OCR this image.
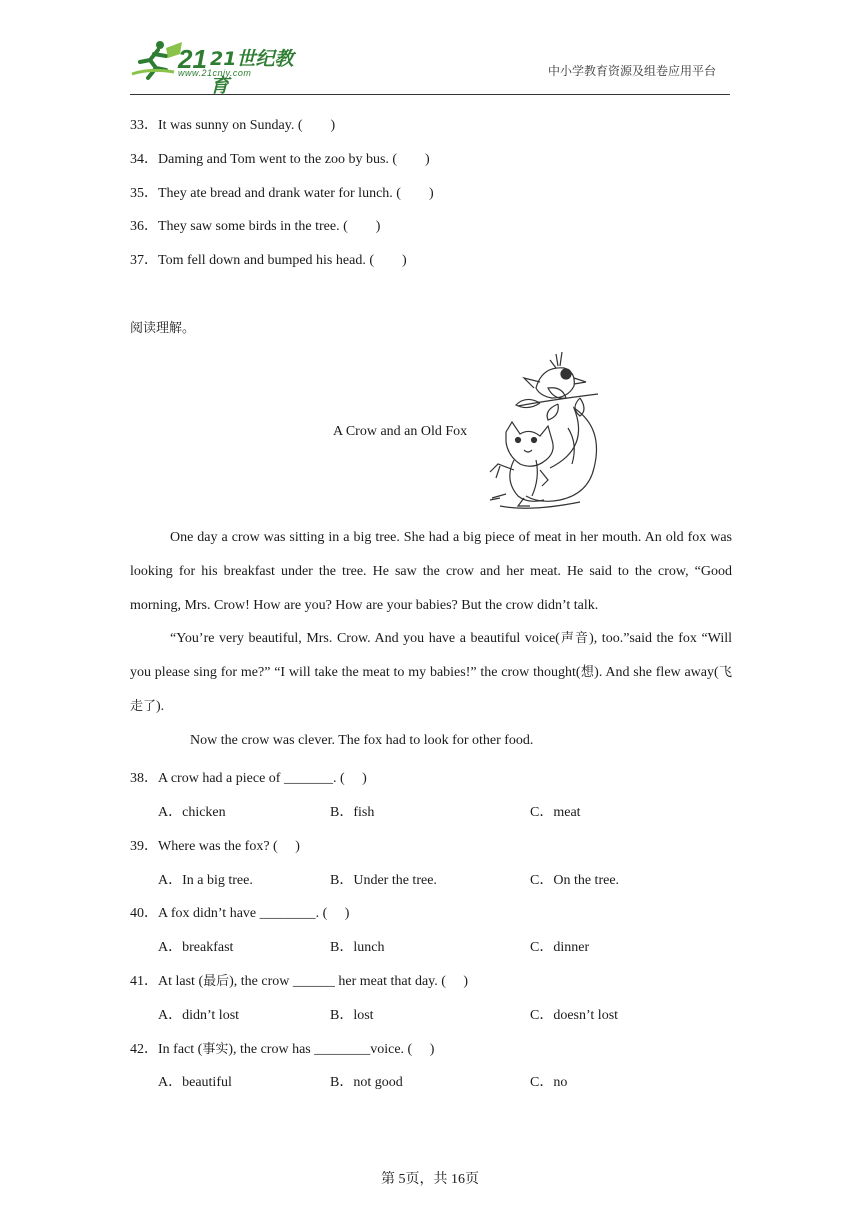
21 21世纪教育
www.21cnjy.com	中小学教育资源及组卷应用平台
33．It was sunny on Sunday. (  )
34．Daming and Tom went to the zoo by bus. (  )
35．They ate bread and drank water for lunch. (  )
36．They saw some birds in the tree. (  )
37．Tom fell down and bumped his head. (  )
阅读理解。
A Crow and an Old Fox
One day a crow was sitting in a big tree. She had a big piece of meat in her mouth. An old fox was looking for his breakfast under the tree. He saw the crow and her meat. He said to the crow, “Good morning, Mrs. Crow! How are you? How are your babies? But the crow didn’t talk.
“You’re very beautiful, Mrs. Crow. And you have a beautiful voice(声音), too.”said the fox “Will you please sing for me?” “I will take the meat to my babies!” the crow thought(想). And she flew away(飞走了).
Now the crow was clever. The fox had to look for other food.
38．A crow had a piece of _______. (  )
A．chicken	B．fish	C．meat
39．Where was the fox? (  )
A．In a big tree.	B．Under the tree.	C．On the tree.
40．A fox didn’t have ________. (  )
A．breakfast	B．lunch	C．dinner
41．At last (最后), the crow ______ her meat that day. (  )
A．didn’t lost	B．lost	C．doesn’t lost
42．In fact (事实), the crow has ________voice. (  )
A．beautiful	B．not good	C．no
第 5页，共 16页
